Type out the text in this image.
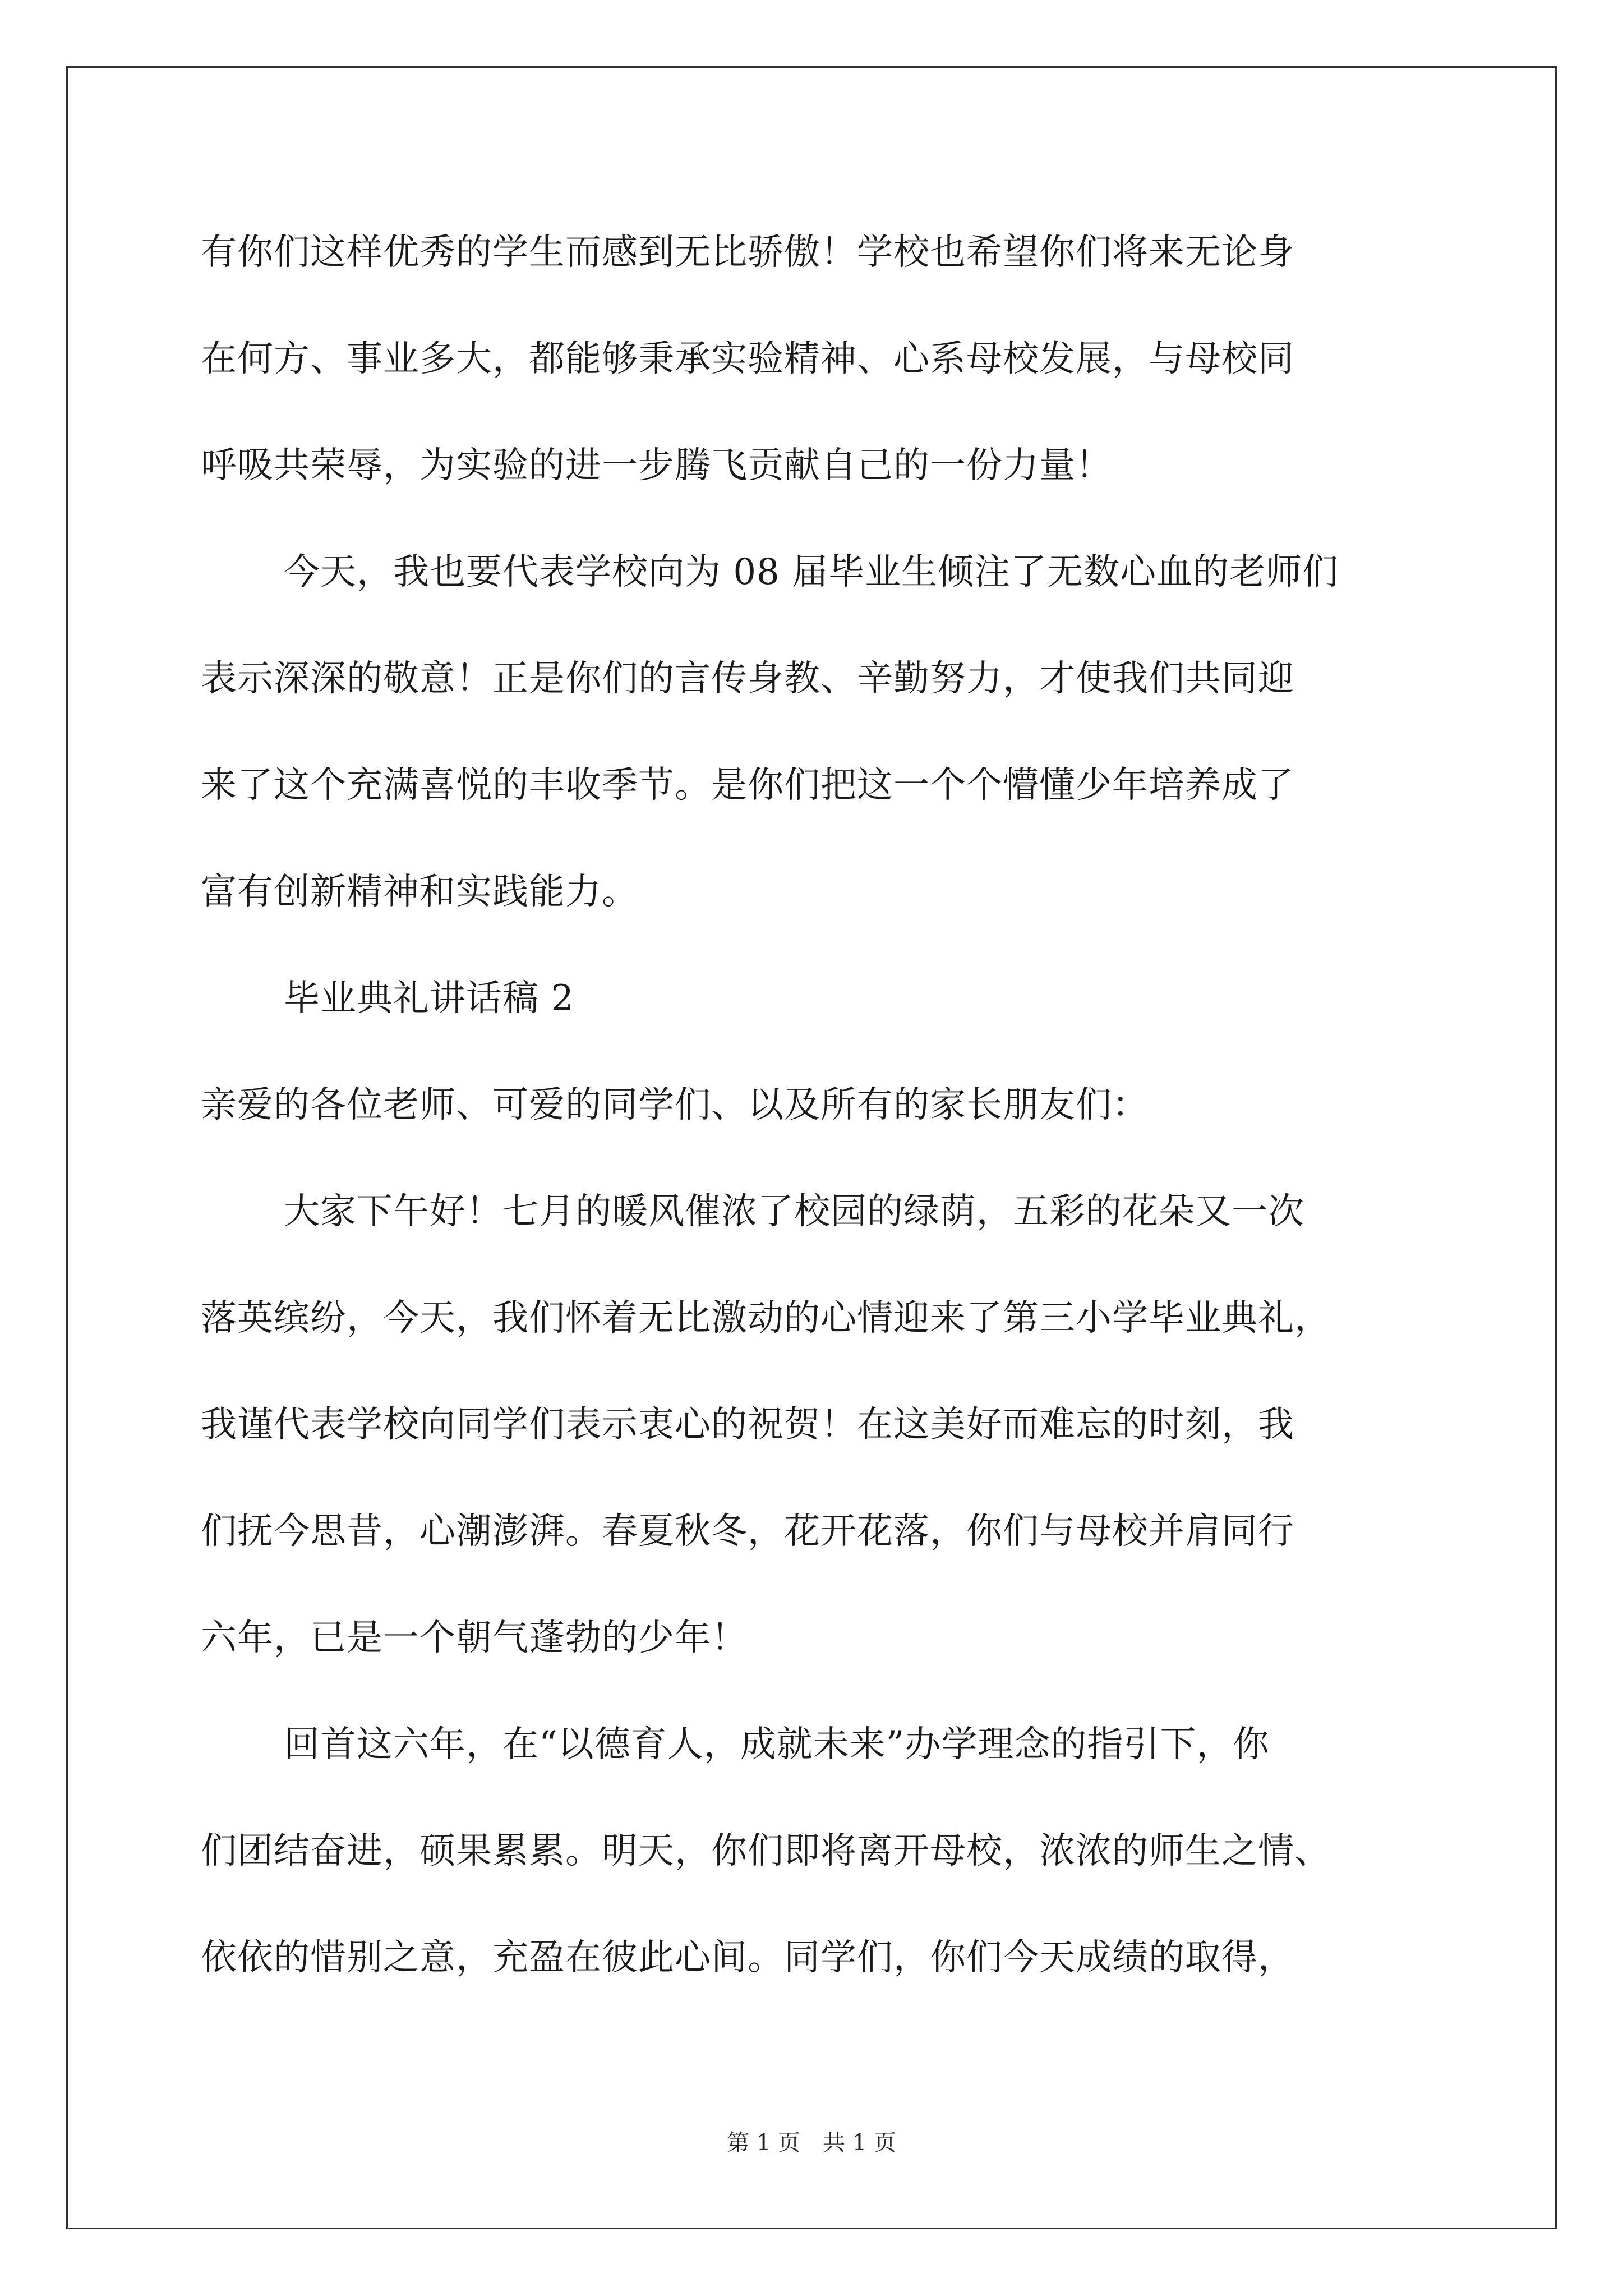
有你们这样优秀的学生而感到无比骄傲！学校也希望你们将来无论身
在何方、事业多大，都能够秉承实验精神、心系母校发展，与母校同
呼吸共荣辱，为实验的进一步腾飞贡献自己的一份力量！
今天，我也要代表学校向为 08 届毕业生倾注了无数心血的老师们
表示深深的敬意！正是你们的言传身教、辛勤努力，才使我们共同迎
来了这个充满喜悦的丰收季节。是你们把这一个个懵懂少年培养成了
富有创新精神和实践能力。
毕业典礼讲话稿 2
亲爱的各位老师、可爱的同学们、以及所有的家长朋友们：
大家下午好！七月的暖风催浓了校园的绿荫，五彩的花朵又一次
落英缤纷，今天，我们怀着无比激动的心情迎来了第三小学毕业典礼，
我谨代表学校向同学们表示衷心的祝贺！在这美好而难忘的时刻，我
们抚今思昔，心潮澎湃。春夏秋冬，花开花落，你们与母校并肩同行
六年，已是一个朝气蓬勃的少年！
回首这六年，在“以德育人，成就未来”办学理念的指引下，你
们团结奋进，硕果累累。明天，你们即将离开母校，浓浓的师生之情、
依依的惜别之意，充盈在彼此心间。同学们，你们今天成绩的取得，
第 1 页　共 1 页
